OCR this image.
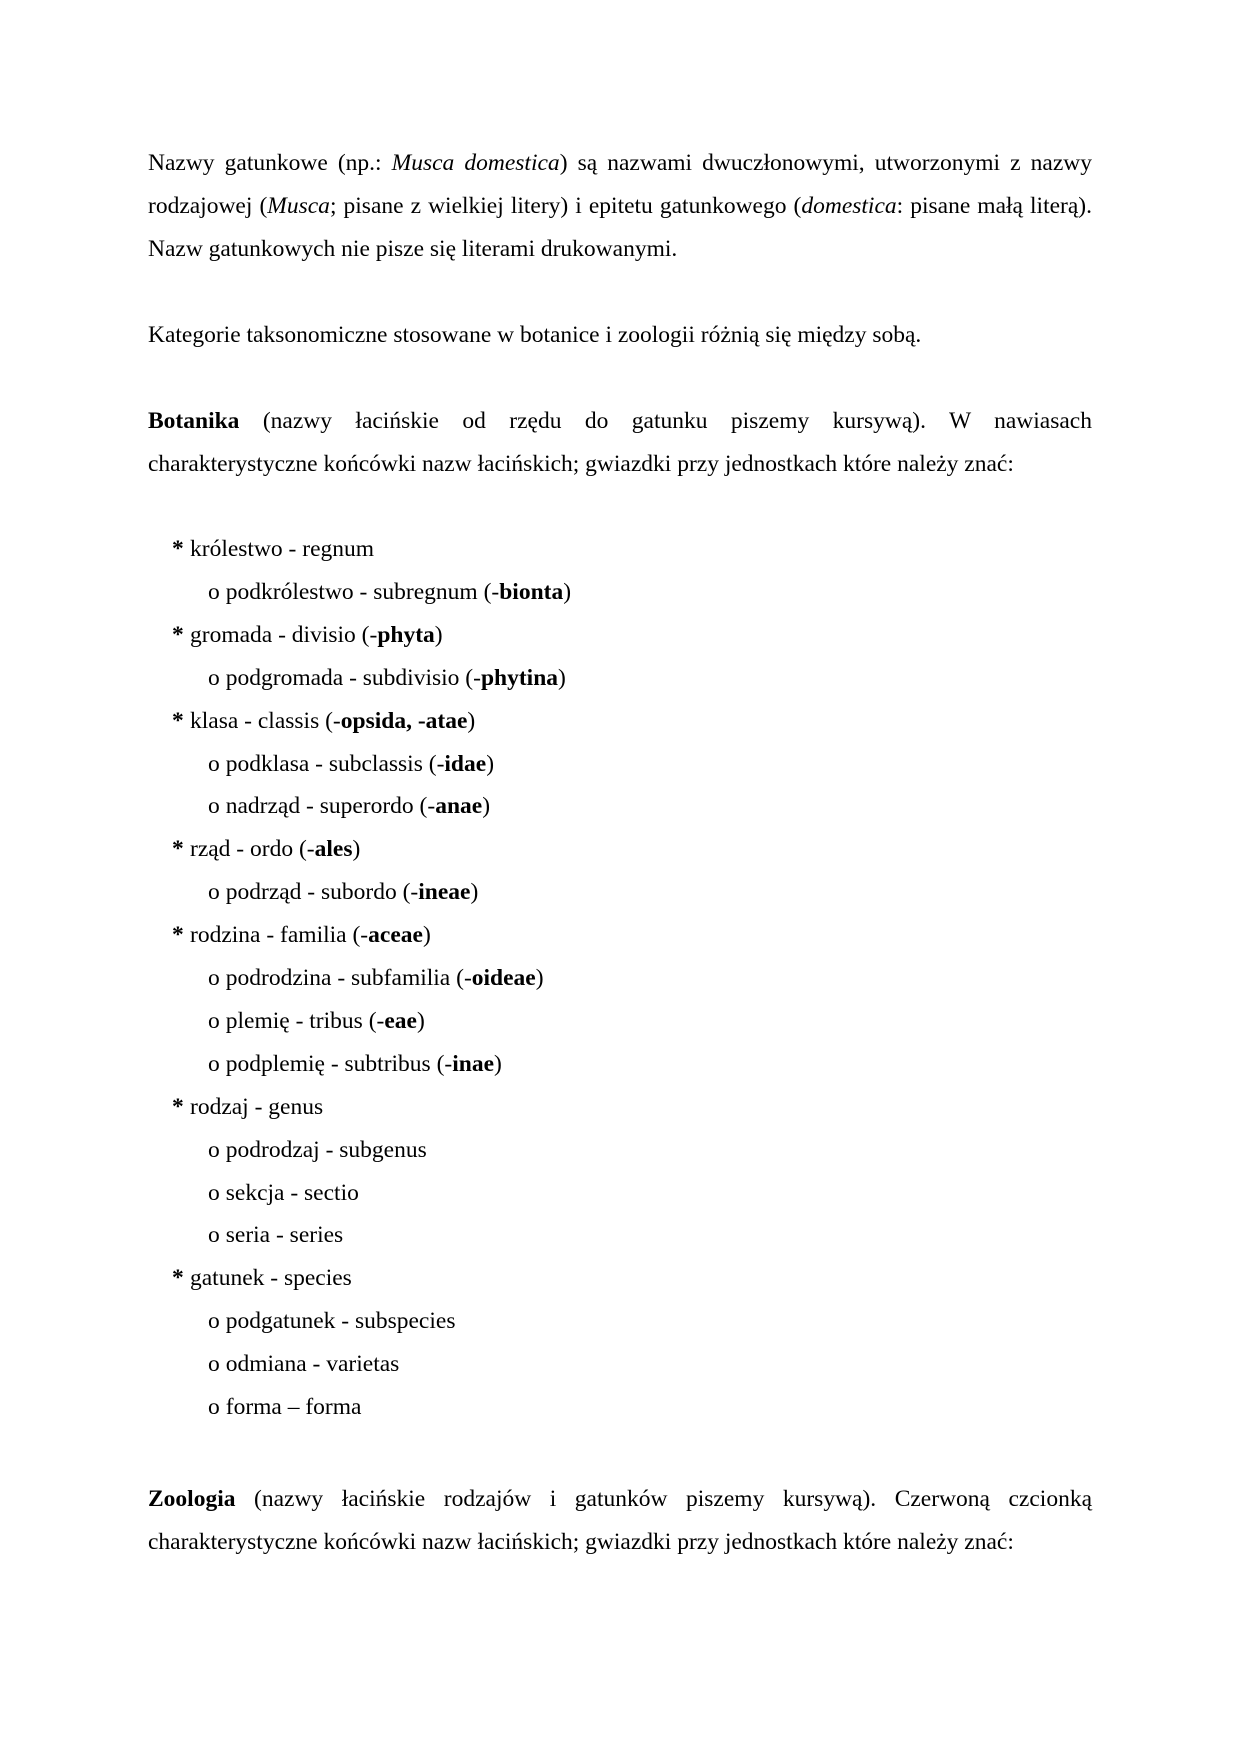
Nazwy gatunkowe (np.: Musca domestica) są nazwami dwuczłonowymi, utworzonymi z nazwy rodzajowej (Musca; pisane z wielkiej litery) i epitetu gatunkowego (domestica: pisane małą literą). Nazw gatunkowych nie pisze się literami drukowanymi.

Kategorie taksonomiczne stosowane w botanice i zoologii różnią się między sobą.

Botanika (nazwy łacińskie od rzędu do gatunku piszemy kursywą). W nawiasach charakterystyczne końcówki nazw łacińskich; gwiazdki przy jednostkach które należy znać:

* królestwo - regnum
o podkrólestwo - subregnum (-bionta)
* gromada - divisio (-phyta)
o podgromada - subdivisio (-phytina)
* klasa - classis (-opsida, -atae)
o podklasa - subclassis (-idae)
o nadrząd - superordo (-anae)
* rząd - ordo (-ales)
o podrząd - subordo (-ineae)
* rodzina - familia (-aceae)
o podrodzina - subfamilia (-oideae)
o plemię - tribus (-eae)
o podplemię - subtribus (-inae)
* rodzaj - genus
o podrodzaj - subgenus
o sekcja - sectio
o seria - series
* gatunek - species
o podgatunek - subspecies
o odmiana - varietas
o forma – forma

Zoologia (nazwy łacińskie rodzajów i gatunków piszemy kursywą). Czerwoną czcionką charakterystyczne końcówki nazw łacińskich; gwiazdki przy jednostkach które należy znać:
